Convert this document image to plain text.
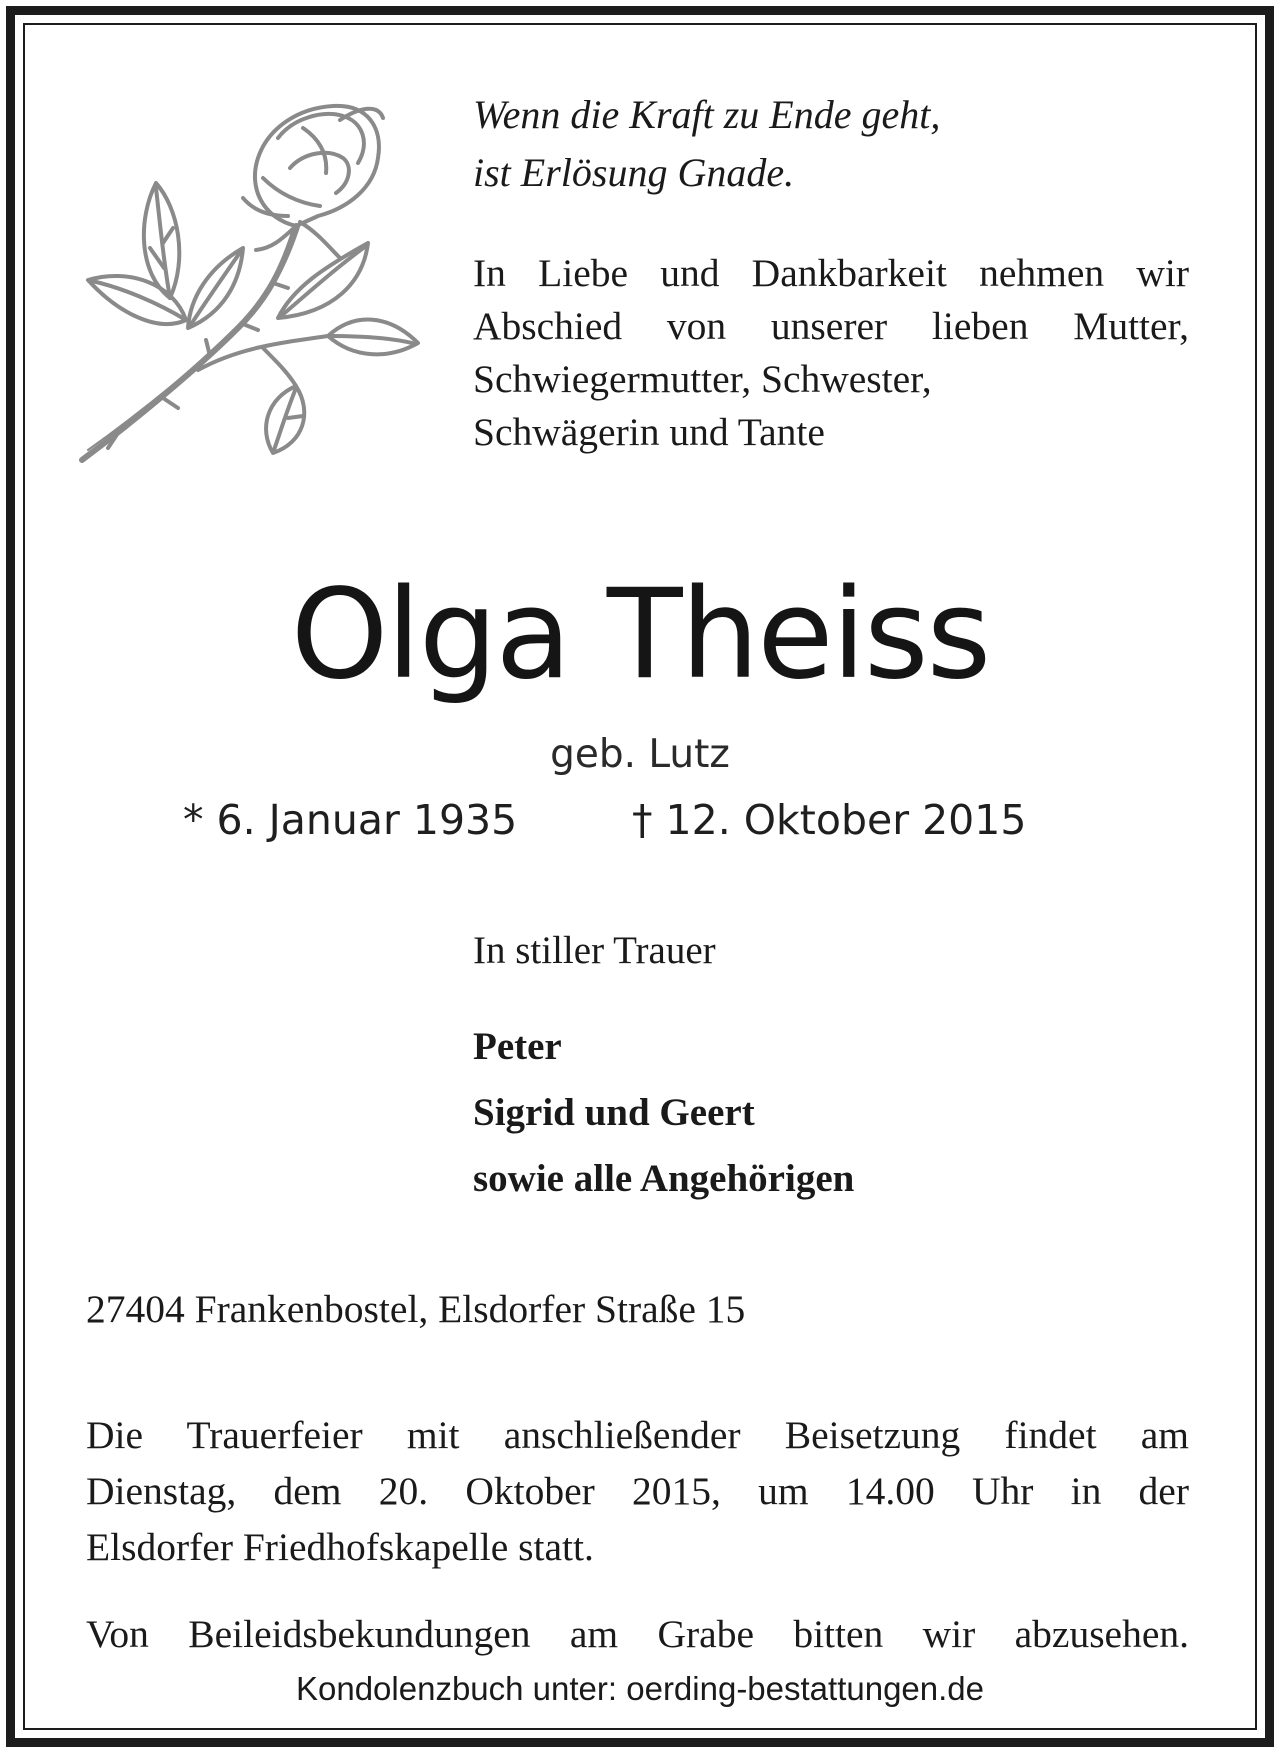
Wenn die Kraft zu Ende geht,
ist Erlösung Gnade.
In Liebe und Dankbarkeit nehmen wir
Abschied von unserer lieben Mutter,
Schwiegermutter, Schwester,
Schwägerin und Tante
Olga Theiss
geb. Lutz
* 6. Januar 1935	† 12. Oktober 2015
In stiller Trauer
Peter
Sigrid und Geert
sowie alle Angehörigen
27404 Frankenbostel, Elsdorfer Straße 15
Die Trauerfeier mit anschließender Beisetzung findet am
Dienstag, dem 20. Oktober 2015, um 14.00 Uhr in der
Elsdorfer Friedhofskapelle statt.
Von Beileidsbekundungen am Grabe bitten wir abzusehen.
Kondolenzbuch unter: oerding-bestattungen.de
